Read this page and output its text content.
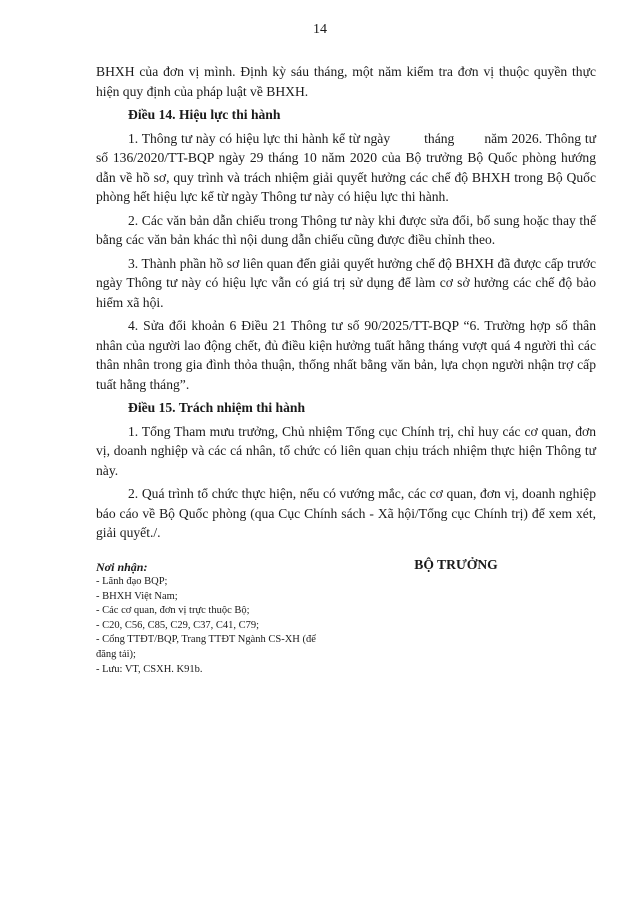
14

BHXH của đơn vị mình. Định kỳ sáu tháng, một năm kiểm tra đơn vị thuộc quyền thực hiện quy định của pháp luật về BHXH.

Điều 14. Hiệu lực thi hành

1. Thông tư này có hiệu lực thi hành kể từ ngày	tháng năm 2026. Thông tư số 136/2020/TT-BQP ngày 29 tháng 10 năm 2020 của Bộ trưởng Bộ Quốc phòng hướng dẫn về hồ sơ, quy trình và trách nhiệm giải quyết hưởng các chế độ BHXH trong Bộ Quốc phòng hết hiệu lực kể từ ngày Thông tư này có hiệu lực thi hành.

2. Các văn bản dẫn chiếu trong Thông tư này khi được sửa đổi, bổ sung hoặc thay thế bằng các văn bản khác thì nội dung dẫn chiếu cũng được điều chỉnh theo.

3. Thành phần hồ sơ liên quan đến giải quyết hưởng chế độ BHXH đã được cấp trước ngày Thông tư này có hiệu lực vẫn có giá trị sử dụng để làm cơ sở hưởng các chế độ bảo hiểm xã hội.

4. Sửa đổi khoản 6 Điều 21 Thông tư số 90/2025/TT-BQP “6. Trường hợp số thân nhân của người lao động chết, đủ điều kiện hưởng tuất hằng tháng vượt quá 4 người thì các thân nhân trong gia đình thỏa thuận, thống nhất bằng văn bản, lựa chọn người nhận trợ cấp tuất hằng tháng”.

Điều 15. Trách nhiệm thi hành

1. Tổng Tham mưu trưởng, Chủ nhiệm Tổng cục Chính trị, chỉ huy các cơ quan, đơn vị, doanh nghiệp và các cá nhân, tổ chức có liên quan chịu trách nhiệm thực hiện Thông tư này.

2. Quá trình tổ chức thực hiện, nếu có vướng mắc, các cơ quan, đơn vị, doanh nghiệp báo cáo về Bộ Quốc phòng (qua Cục Chính sách - Xã hội/Tổng cục Chính trị) để xem xét, giải quyết./.

Nơi nhận:
- Lãnh đạo BQP;
- BHXH Việt Nam;
- Các cơ quan, đơn vị trực thuộc Bộ;
- C20, C56, C85, C29, C37, C41, C79;
- Cổng TTĐT/BQP, Trang TTĐT Ngành CS-XH (để đăng tải);
- Lưu: VT, CSXH. K91b.
BỘ TRƯỞNG
